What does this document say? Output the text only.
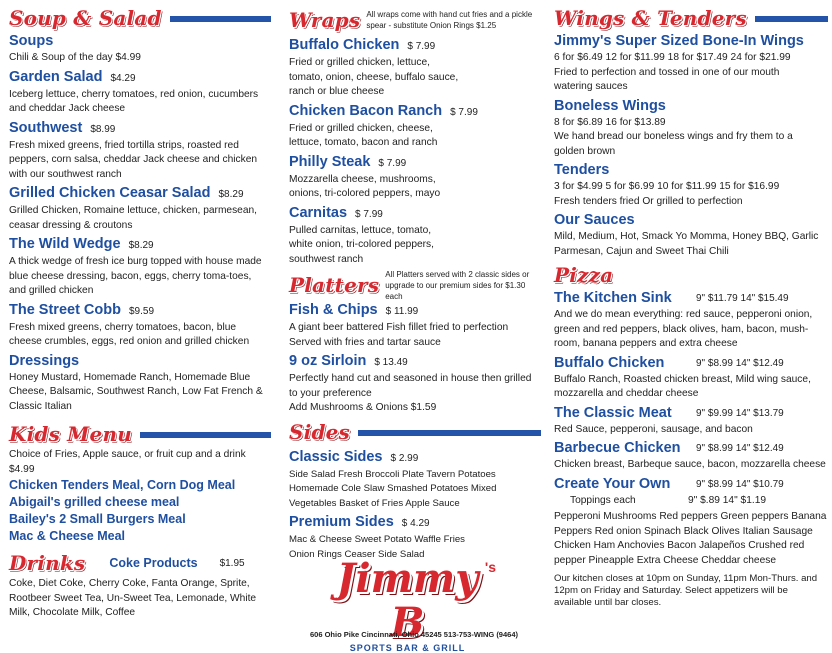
Soup & Salad
Soups
Chili & Soup of the day $4.99
Garden Salad $4.29
Iceberg lettuce, cherry tomatoes, red onion, cucumbers and cheddar Jack cheese
Southwest $8.99
Fresh mixed greens, fried tortilla strips, roasted red peppers, corn salsa, cheddar Jack cheese and chicken with our southwest ranch
Grilled Chicken Ceasar Salad $8.29
Grilled Chicken, Romaine lettuce, chicken, parmesean, ceasar dressing & croutons
The Wild Wedge $8.29
A thick wedge of fresh ice burg topped with house made blue cheese dressing, bacon, eggs, cherry toma-toes, and grilled chicken
The Street Cobb $9.59
Fresh mixed greens, cherry tomatoes, bacon, blue cheese crumbles, eggs, red onion and grilled chicken
Dressings
Honey Mustard, Homemade Ranch, Homemade Blue Cheese, Balsamic, Southwest Ranch, Low Fat French & Classic Italian
Kids Menu
Choice of Fries, Apple sauce, or fruit cup and a drink $4.99
Chicken Tenders Meal, Corn Dog Meal
Abigail's grilled cheese meal
Bailey's 2 Small Burgers Meal
Mac & Cheese Meal
Drinks Coke Products $1.95
Coke, Diet Coke, Cherry Coke, Fanta Orange, Sprite, Rootbeer Sweet Tea, Un-Sweet Tea, Lemonade, White Milk, Chocolate Milk, Coffee
Wraps All wraps come with hand cut fries and a pickle spear - substitute Onion Rings $1.25
Buffalo Chicken $ 7.99
Fried or grilled chicken, lettuce, tomato, onion, cheese, buffalo sauce, ranch or blue cheese
Chicken Bacon Ranch $ 7.99
Fried or grilled chicken, cheese, lettuce, tomato, bacon and ranch
Philly Steak $ 7.99
Mozzarella cheese, mushrooms, onions, tri-colored peppers, mayo
Carnitas $ 7.99
Pulled carnitas, lettuce, tomato, white onion, tri-colored peppers, southwest ranch
Platters All Platters served with 2 classic sides or upgrade to our premium sides for $1.30 each
Fish & Chips $ 11.99
A giant beer battered Fish fillet fried to perfection Served with fries and tartar sauce
9 oz Sirloin $ 13.49
Perfectly hand cut and seasoned in house then grilled to your preference
Add Mushrooms & Onions $1.59
Sides
Classic Sides $ 2.99
Side Salad Fresh Broccoli Plate Tavern Potatoes Homemade Cole Slaw Smashed Potatoes Mixed Vegetables Basket of Fries Apple Sauce
Premium Sides $ 4.29
Mac & Cheese Sweet Potato Waffle Fries Onion Rings Ceaser Side Salad
Jimmy B
's
SPORTS BAR & GRILL
606 Ohio Pike Cincinnati, Ohio 45245 513-753-WING (9464)
Wings & Tenders
Jimmy's Super Sized Bone-In Wings
6 for $6.49 12 for $11.99 18 for $17.49 24 for $21.99
Fried to perfection and tossed in one of our mouth watering sauces
Boneless Wings
8 for $6.89 16 for $13.89
We hand bread our boneless wings and fry them to a golden brown
Tenders
3 for $4.99 5 for $6.99 10 for $11.99 15 for $16.99
Fresh tenders fried Or grilled to perfection
Our Sauces
Mild, Medium, Hot, Smack Yo Momma, Honey BBQ, Garlic Parmesan, Cajun and Sweet Thai Chili
Pizza
The Kitchen Sink	9" $11.79 14" $15.49
And we do mean everything: red sauce, pepperoni onion, green and red peppers, black olives, ham, bacon, mush-room, banana peppers and extra cheese
Buffalo Chicken	9" $8.99 14" $12.49
Buffalo Ranch, Roasted chicken breast, Mild wing sauce, mozzarella and cheddar cheese
The Classic Meat	9" $9.99 14" $13.79
Red Sauce, pepperoni, sausage, and bacon
Barbecue Chicken	9" $8.99 14" $12.49
Chicken breast, Barbeque sauce, bacon, mozzarella cheese
Create Your Own	9" $8.99 14" $10.79
Toppings each	9" $.89 14" $1.19
Pepperoni Mushrooms Red peppers Green peppers Banana Peppers Red onion Spinach Black Olives Italian Sausage Chicken Ham Anchovies Bacon Jalapeños Crushed red pepper Pineapple Extra Cheese Cheddar cheese
Our kitchen closes at 10pm on Sunday, 11pm Mon-Thurs. and 12pm on Friday and Saturday. Select appetizers will be available until bar closes.
